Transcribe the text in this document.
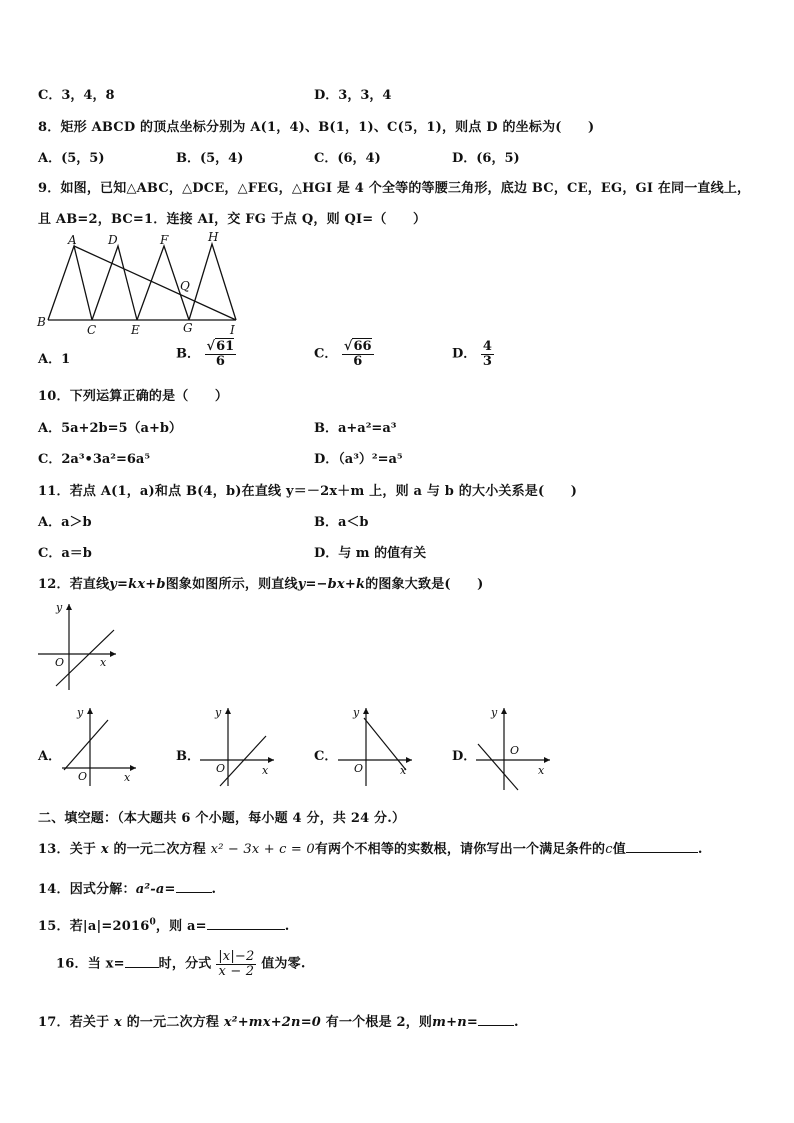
C．3，4，8	D．3，3，4
8．矩形 ABCD 的顶点坐标分别为 A(1，4)、B(1，1)、C(5，1)，则点 D 的坐标为(　　)
A．(5，5)	B．(5，4)	C．(6，4)	D．(6，5)
9．如图，已知△ABC，△DCE，△FEG，△HGI 是 4 个全等的等腰三角形，底边 BC，CE，EG，GI 在同一直线上，
且 AB=2，BC=1．连接 AI，交 FG 于点 Q，则 QI=（　　）
A	D	F	H
Q
B
C	E	G	I
A．1	B． $\frac{√61}{6}$	C． $\frac{√66}{6}$	D． $\frac{4}{3}$
10．下列运算正确的是（　　）
A．5a+2b=5（a+b）	B．a+a²=a³
C．2a³•3a²=6a⁵	D．（a³）²=a⁵
11．若点 A(1，a)和点 B(4，b)在直线 y＝－2x＋m 上，则 a 与 b 的大小关系是(　　)
A．a＞b	B．a＜b
C．a＝b	D．与 m 的值有关
12．若直线y=kx+b图象如图所示，则直线y=−bx+k的图象大致是(　　)
y
x
O
A．
y
x
O
B．
y
x
O
C．
y
x
O
D．
y
x
O
二、填空题：（本大题共 6 个小题，每小题 4 分，共 24 分.）
13．关于 x 的一元二次方程 x² − 3x + c = 0有两个不相等的实数根，请你写出一个满足条件的c值	.
14．因式分解：a²-a=	.
15．若$|a|=2016^0$，则 a=	.
16．当 x=	时，分式 $\frac{|x|-2}{x - 2}$ 值为零.
17．若关于 x 的一元二次方程 x²+mx+2n=0 有一个根是 2，则m+n=	.
